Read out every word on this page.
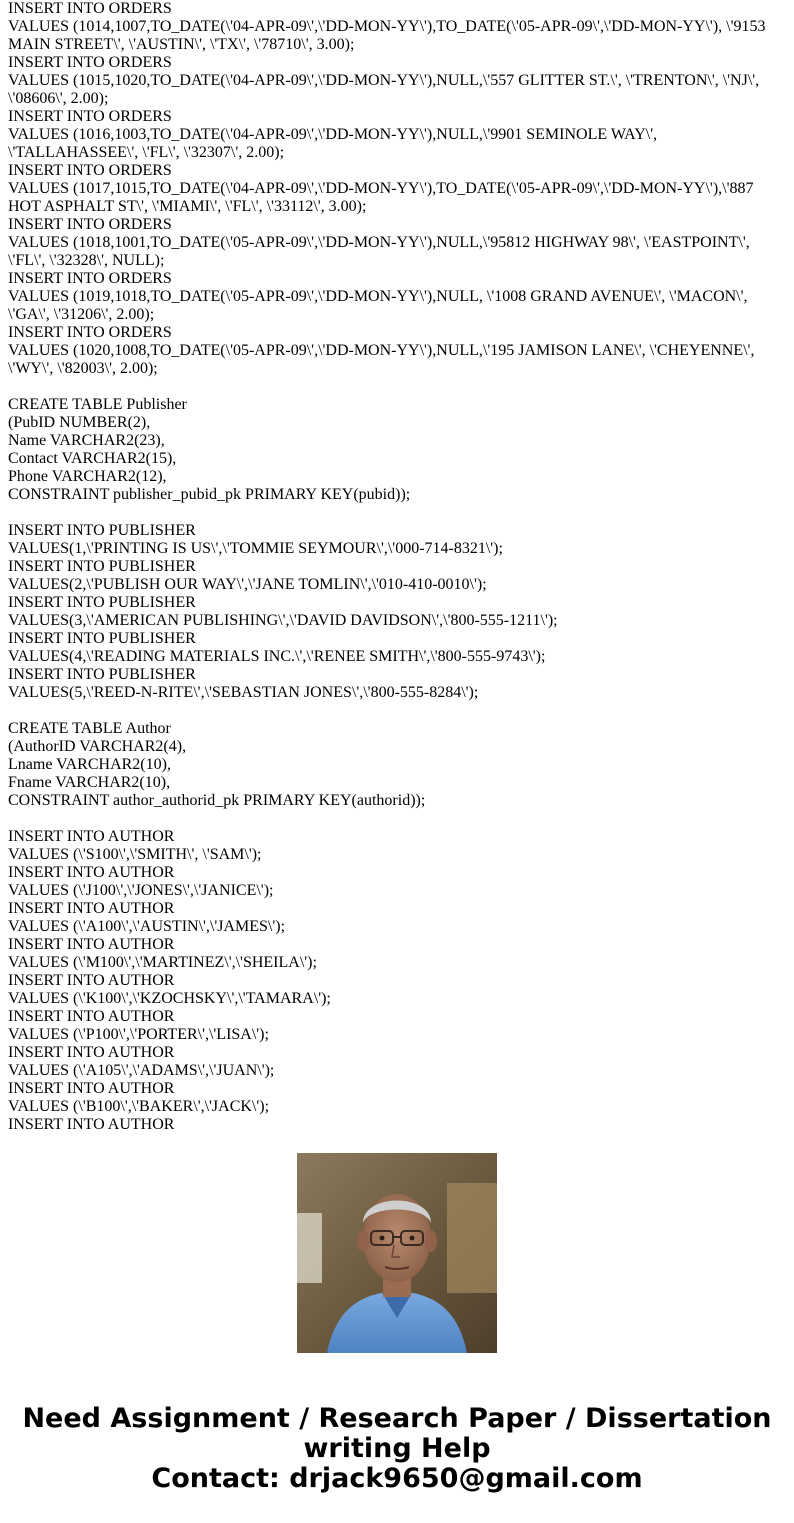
INSERT INTO ORDERS
VALUES (1014,1007,TO_DATE(\'04-APR-09\',\'DD-MON-YY\'),TO_DATE(\'05-APR-09\',\'DD-MON-YY\'), \'9153
MAIN STREET\', \'AUSTIN\', \'TX\', \'78710\', 3.00);
INSERT INTO ORDERS
VALUES (1015,1020,TO_DATE(\'04-APR-09\',\'DD-MON-YY\'),NULL,\'557 GLITTER ST.\', \'TRENTON\', \'NJ\',
\'08606\', 2.00);
INSERT INTO ORDERS
VALUES (1016,1003,TO_DATE(\'04-APR-09\',\'DD-MON-YY\'),NULL,\'9901 SEMINOLE WAY\',
\'TALLAHASSEE\', \'FL\', \'32307\', 2.00);
INSERT INTO ORDERS
VALUES (1017,1015,TO_DATE(\'04-APR-09\',\'DD-MON-YY\'),TO_DATE(\'05-APR-09\',\'DD-MON-YY\'),\'887
HOT ASPHALT ST\', \'MIAMI\', \'FL\', \'33112\', 3.00);
INSERT INTO ORDERS
VALUES (1018,1001,TO_DATE(\'05-APR-09\',\'DD-MON-YY\'),NULL,\'95812 HIGHWAY 98\', \'EASTPOINT\',
\'FL\', \'32328\', NULL);
INSERT INTO ORDERS
VALUES (1019,1018,TO_DATE(\'05-APR-09\',\'DD-MON-YY\'),NULL, \'1008 GRAND AVENUE\', \'MACON\',
\'GA\', \'31206\', 2.00);
INSERT INTO ORDERS
VALUES (1020,1008,TO_DATE(\'05-APR-09\',\'DD-MON-YY\'),NULL,\'195 JAMISON LANE\', \'CHEYENNE\',
\'WY\', \'82003\', 2.00);
CREATE TABLE Publisher
(PubID NUMBER(2),
Name VARCHAR2(23),
Contact VARCHAR2(15),
Phone VARCHAR2(12),
CONSTRAINT publisher_pubid_pk PRIMARY KEY(pubid));
INSERT INTO PUBLISHER
VALUES(1,\'PRINTING IS US\',\'TOMMIE SEYMOUR\',\'000-714-8321\');
INSERT INTO PUBLISHER
VALUES(2,\'PUBLISH OUR WAY\',\'JANE TOMLIN\',\'010-410-0010\');
INSERT INTO PUBLISHER
VALUES(3,\'AMERICAN PUBLISHING\',\'DAVID DAVIDSON\',\'800-555-1211\');
INSERT INTO PUBLISHER
VALUES(4,\'READING MATERIALS INC.\',\'RENEE SMITH\',\'800-555-9743\');
INSERT INTO PUBLISHER
VALUES(5,\'REED-N-RITE\',\'SEBASTIAN JONES\',\'800-555-8284\');
CREATE TABLE Author
(AuthorID VARCHAR2(4),
Lname VARCHAR2(10),
Fname VARCHAR2(10),
CONSTRAINT author_authorid_pk PRIMARY KEY(authorid));
INSERT INTO AUTHOR
VALUES (\'S100\',\'SMITH\', \'SAM\');
INSERT INTO AUTHOR
VALUES (\'J100\',\'JONES\',\'JANICE\');
INSERT INTO AUTHOR
VALUES (\'A100\',\'AUSTIN\',\'JAMES\');
INSERT INTO AUTHOR
VALUES (\'M100\',\'MARTINEZ\',\'SHEILA\');
INSERT INTO AUTHOR
VALUES (\'K100\',\'KZOCHSKY\',\'TAMARA\');
INSERT INTO AUTHOR
VALUES (\'P100\',\'PORTER\',\'LISA\');
INSERT INTO AUTHOR
VALUES (\'A105\',\'ADAMS\',\'JUAN\');
INSERT INTO AUTHOR
VALUES (\'B100\',\'BAKER\',\'JACK\');
INSERT INTO AUTHOR
Need Assignment / Research Paper / Dissertation
writing Help
Contact: drjack9650@gmail.com
